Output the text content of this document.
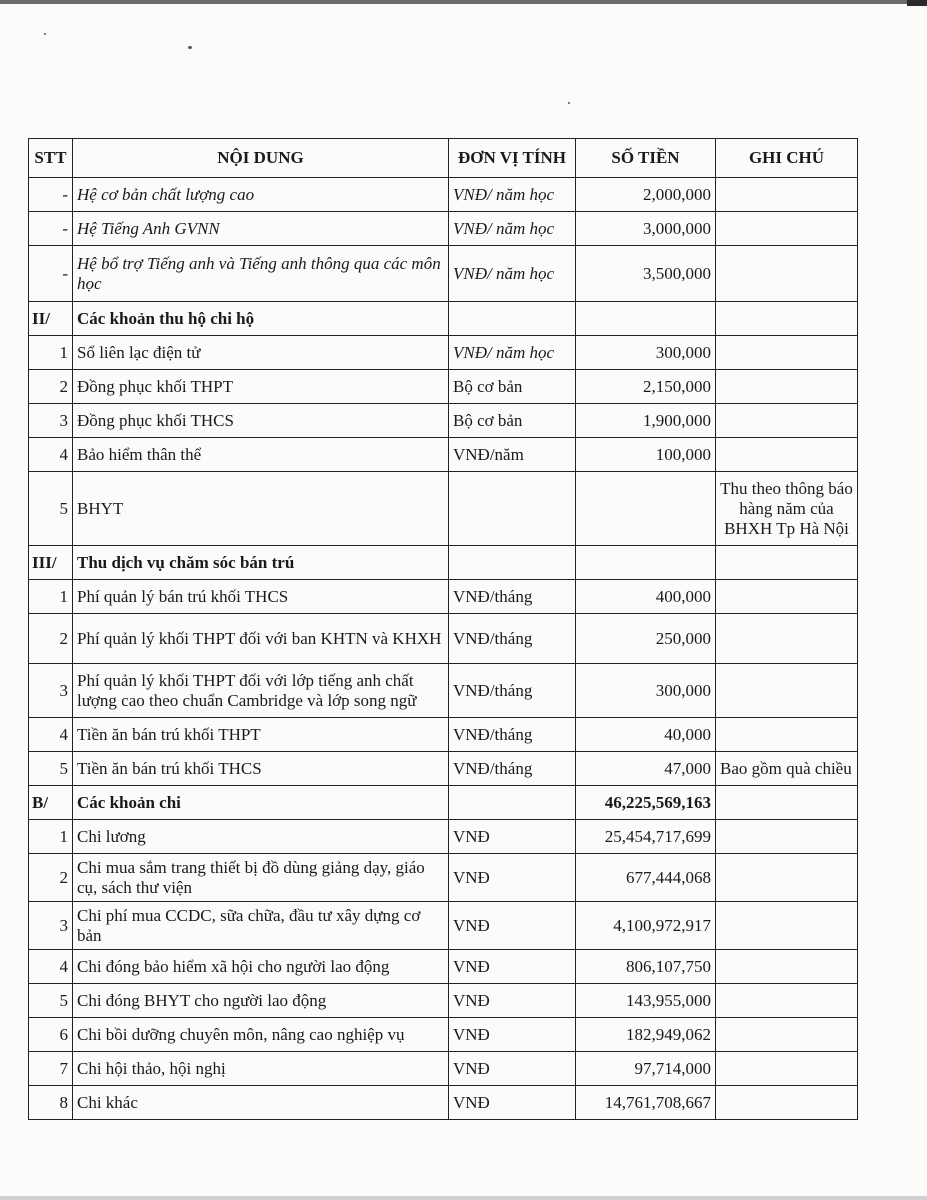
STT	NỘI DUNG	ĐƠN VỊ TÍNH	SỐ TIỀN	GHI CHÚ
-	Hệ cơ bản chất lượng cao	VNĐ/ năm học	2,000,000	
-	Hệ Tiếng Anh GVNN	VNĐ/ năm học	3,000,000	
-	Hệ bổ trợ Tiếng anh và Tiếng anh thông qua các môn học	VNĐ/ năm học	3,500,000	
II/	Các khoản thu hộ chi hộ			
1	Sổ liên lạc điện tử	VNĐ/ năm học	300,000	
2	Đồng phục khối THPT	Bộ cơ bản	2,150,000	
3	Đồng phục khối THCS	Bộ cơ bản	1,900,000	
4	Bảo hiểm thân thể	VNĐ/năm	100,000	
5	BHYT			Thu theo thông báo hàng năm của BHXH Tp Hà Nội
III/	Thu dịch vụ chăm sóc bán trú			
1	Phí quản lý bán trú khối THCS	VNĐ/tháng	400,000	
2	Phí quản lý khối THPT đối với ban KHTN và KHXH	VNĐ/tháng	250,000	
3	Phí quản lý khối THPT đối với lớp tiếng anh chất lượng cao theo chuẩn Cambridge và lớp song ngữ	VNĐ/tháng	300,000	
4	Tiền ăn bán trú khối THPT	VNĐ/tháng	40,000	
5	Tiền ăn bán trú khối THCS	VNĐ/tháng	47,000	Bao gồm quà chiều
B/	Các khoản chi		46,225,569,163	
1	Chi lương	VNĐ	25,454,717,699	
2	Chi mua sắm trang thiết bị đồ dùng giảng dạy, giáo cụ, sách thư viện	VNĐ	677,444,068	
3	Chi phí mua CCDC, sữa chữa, đầu tư xây dựng cơ bản	VNĐ	4,100,972,917	
4	Chi đóng bảo hiểm xã hội cho người lao động	VNĐ	806,107,750	
5	Chi đóng BHYT cho người lao động	VNĐ	143,955,000	
6	Chi bồi dưỡng chuyên môn, nâng cao nghiệp vụ	VNĐ	182,949,062	
7	Chi hội thảo, hội nghị	VNĐ	97,714,000	
8	Chi khác	VNĐ	14,761,708,667	
